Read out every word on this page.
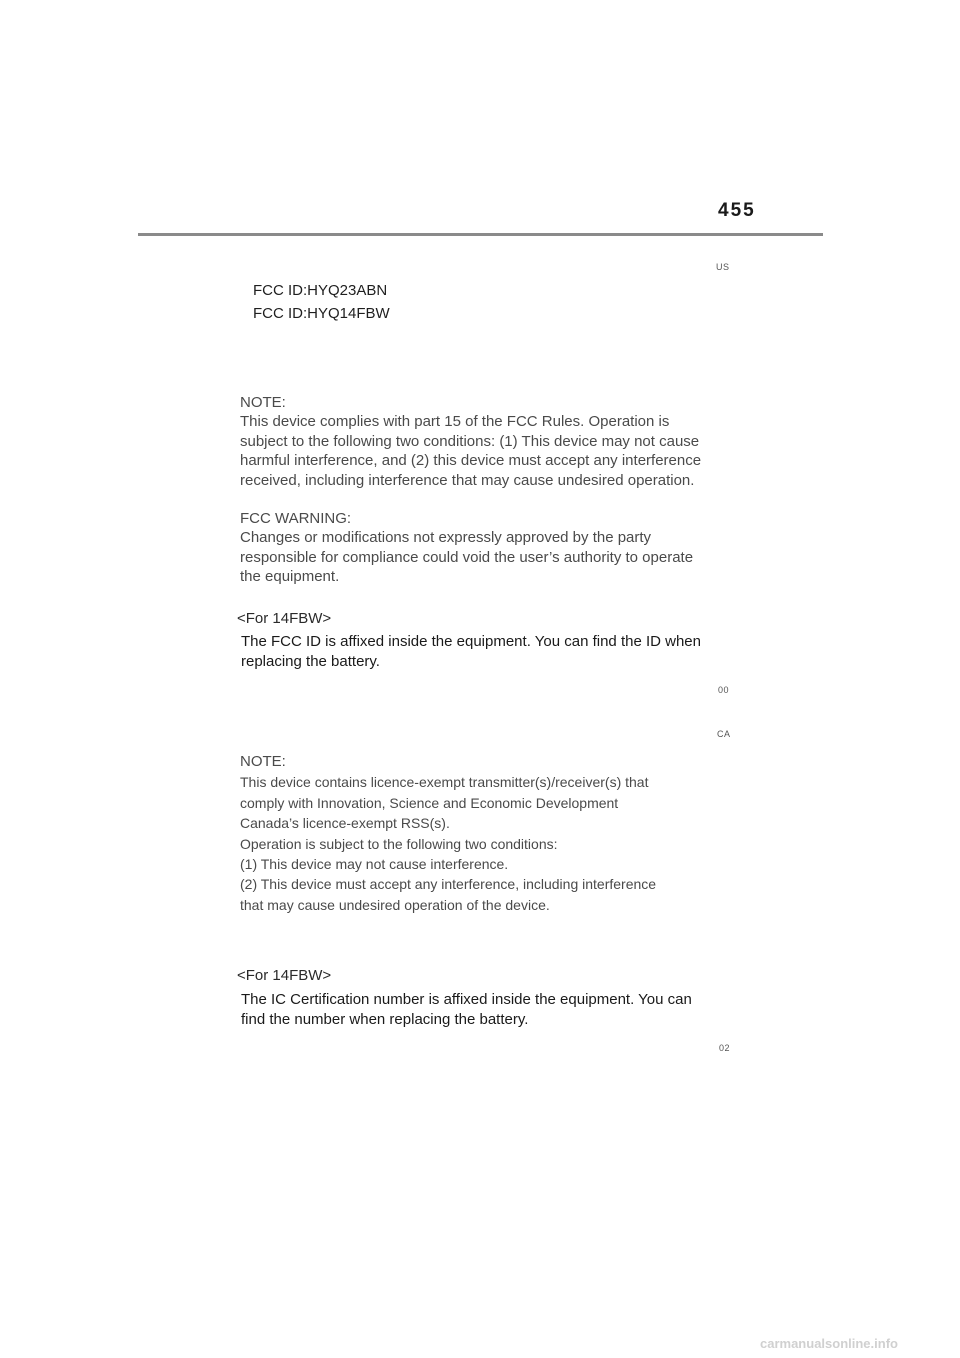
455
US
FCC ID:HYQ23ABN
FCC ID:HYQ14FBW
NOTE:
This device complies with part 15 of the FCC Rules. Operation is
subject to the following two conditions: (1) This device may not cause
harmful interference, and (2) this device must accept any interference
received, including interference that may cause undesired operation.
FCC WARNING:
Changes or modifications not expressly approved by the party
responsible for compliance could void the user’s authority to operate
the equipment.
<For 14FBW>
The FCC ID is affixed inside the equipment. You can find the ID when
replacing the battery.
00
CA
NOTE:
This device contains licence-exempt transmitter(s)/receiver(s) that
comply with Innovation, Science and Economic Development
Canada’s licence-exempt RSS(s).
Operation is subject to the following two conditions:
(1) This device may not cause interference.
(2) This device must accept any interference, including interference
that may cause undesired operation of the device.
<For 14FBW>
The IC Certification number is affixed inside the equipment. You can
find the number when replacing the battery.
02
carmanualsonline.info
